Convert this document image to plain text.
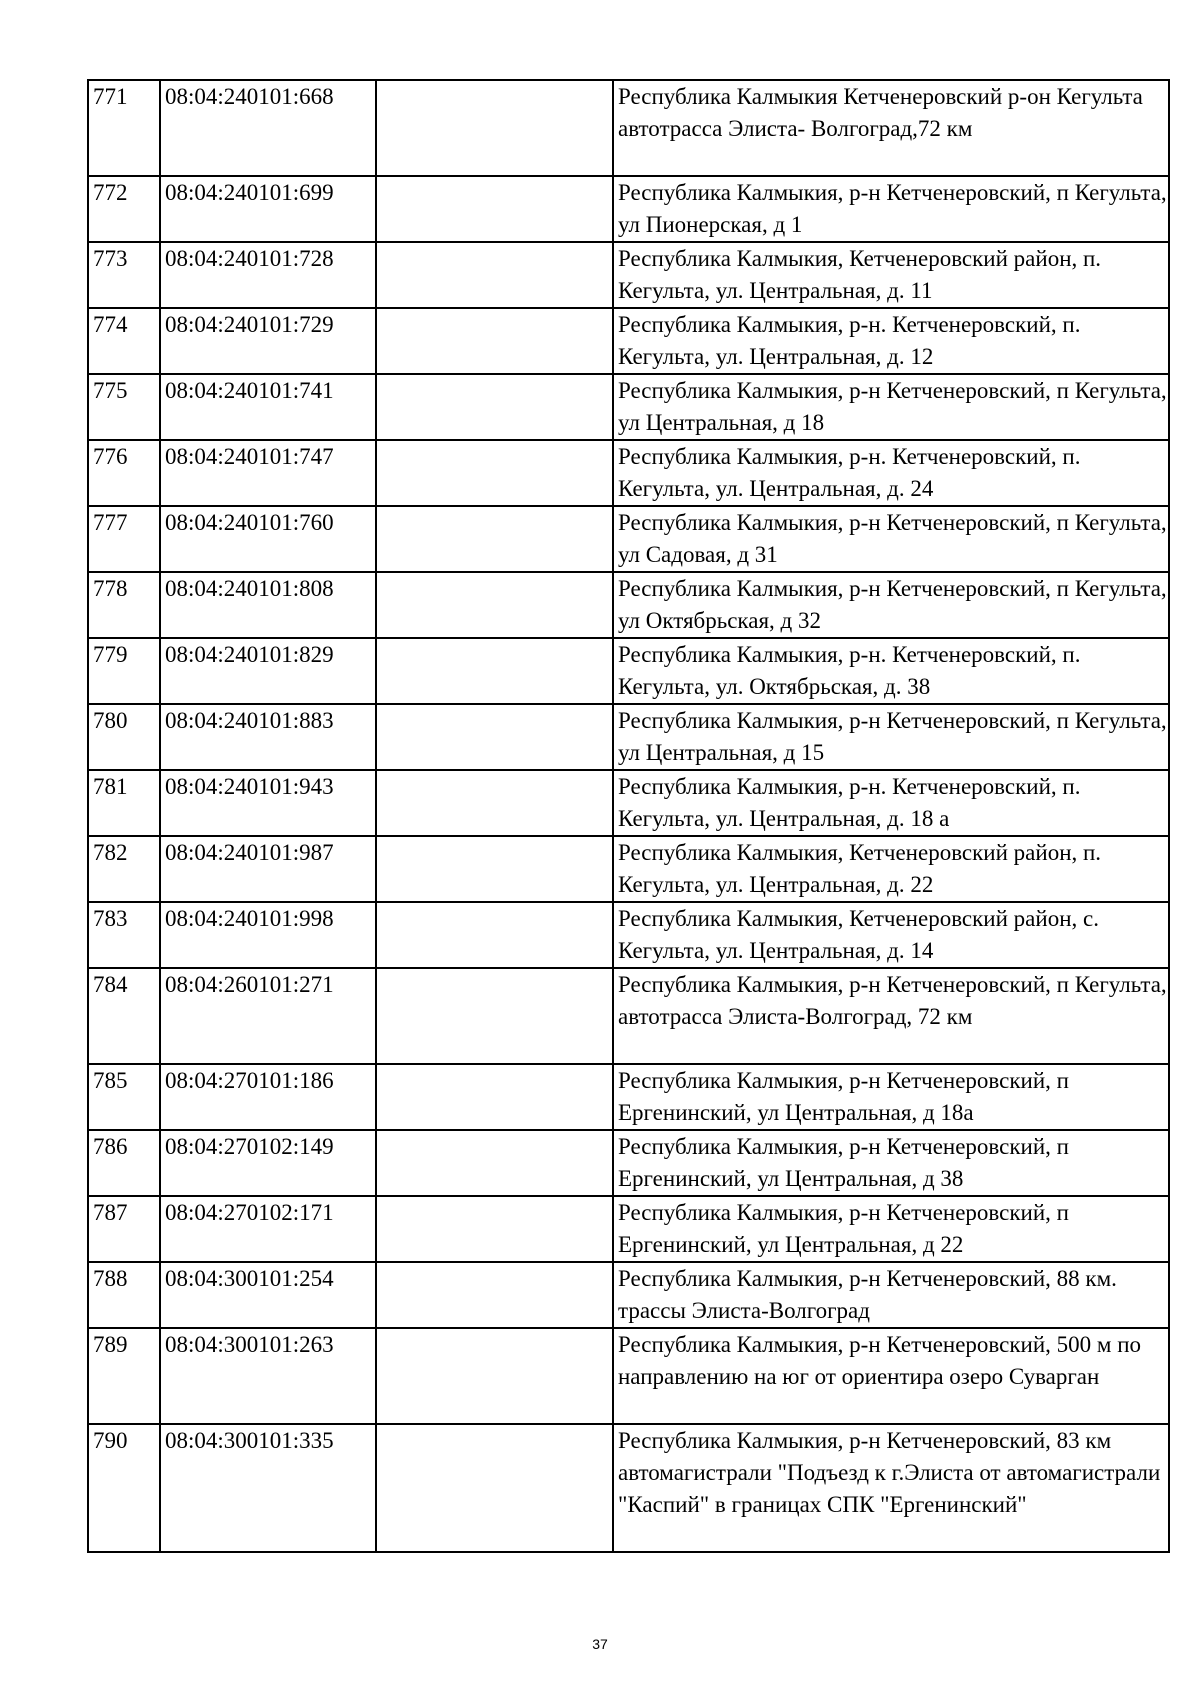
771	08:04:240101:668		Республика Калмыкия Кетченеровский р-он Кегульта автотрасса Элиста- Волгоград,72 км
772	08:04:240101:699		Республика Калмыкия, р-н Кетченеровский, п Кегульта, ул Пионерская, д 1
773	08:04:240101:728		Республика Калмыкия, Кетченеровский район, п. Кегульта, ул. Центральная, д. 11
774	08:04:240101:729		Республика Калмыкия, р-н. Кетченеровский, п. Кегульта, ул. Центральная, д. 12
775	08:04:240101:741		Республика Калмыкия, р-н Кетченеровский, п Кегульта, ул Центральная, д 18
776	08:04:240101:747		Республика Калмыкия, р-н. Кетченеровский, п. Кегульта, ул. Центральная, д. 24
777	08:04:240101:760		Республика Калмыкия, р-н Кетченеровский, п Кегульта, ул Садовая, д 31
778	08:04:240101:808		Республика Калмыкия, р-н Кетченеровский, п Кегульта, ул Октябрьская, д 32
779	08:04:240101:829		Республика Калмыкия, р-н. Кетченеровский, п. Кегульта, ул. Октябрьская, д. 38
780	08:04:240101:883		Республика Калмыкия, р-н Кетченеровский, п Кегульта, ул Центральная, д 15
781	08:04:240101:943		Республика Калмыкия, р-н. Кетченеровский, п. Кегульта, ул. Центральная, д. 18 а
782	08:04:240101:987		Республика Калмыкия, Кетченеровский район, п. Кегульта, ул. Центральная, д. 22
783	08:04:240101:998		Республика Калмыкия, Кетченеровский район, с. Кегульта, ул. Центральная, д. 14
784	08:04:260101:271		Республика Калмыкия, р-н Кетченеровский, п Кегульта, автотрасса Элиста-Волгоград, 72 км
785	08:04:270101:186		Республика Калмыкия, р-н Кетченеровский, п Ергенинский, ул Центральная, д 18а
786	08:04:270102:149		Республика Калмыкия, р-н Кетченеровский, п Ергенинский, ул Центральная, д 38
787	08:04:270102:171		Республика Калмыкия, р-н Кетченеровский, п Ергенинский, ул Центральная, д 22
788	08:04:300101:254		Республика Калмыкия, р-н Кетченеровский, 88 км. трассы Элиста-Волгоград
789	08:04:300101:263		Республика Калмыкия, р-н Кетченеровский, 500 м по направлению на юг от ориентира озеро Суварган
790	08:04:300101:335		Республика Калмыкия, р-н Кетченеровский, 83 км автомагистрали "Подъезд к г.Элиста от автомагистрали "Каспий" в границах СПК "Ергенинский"
37
